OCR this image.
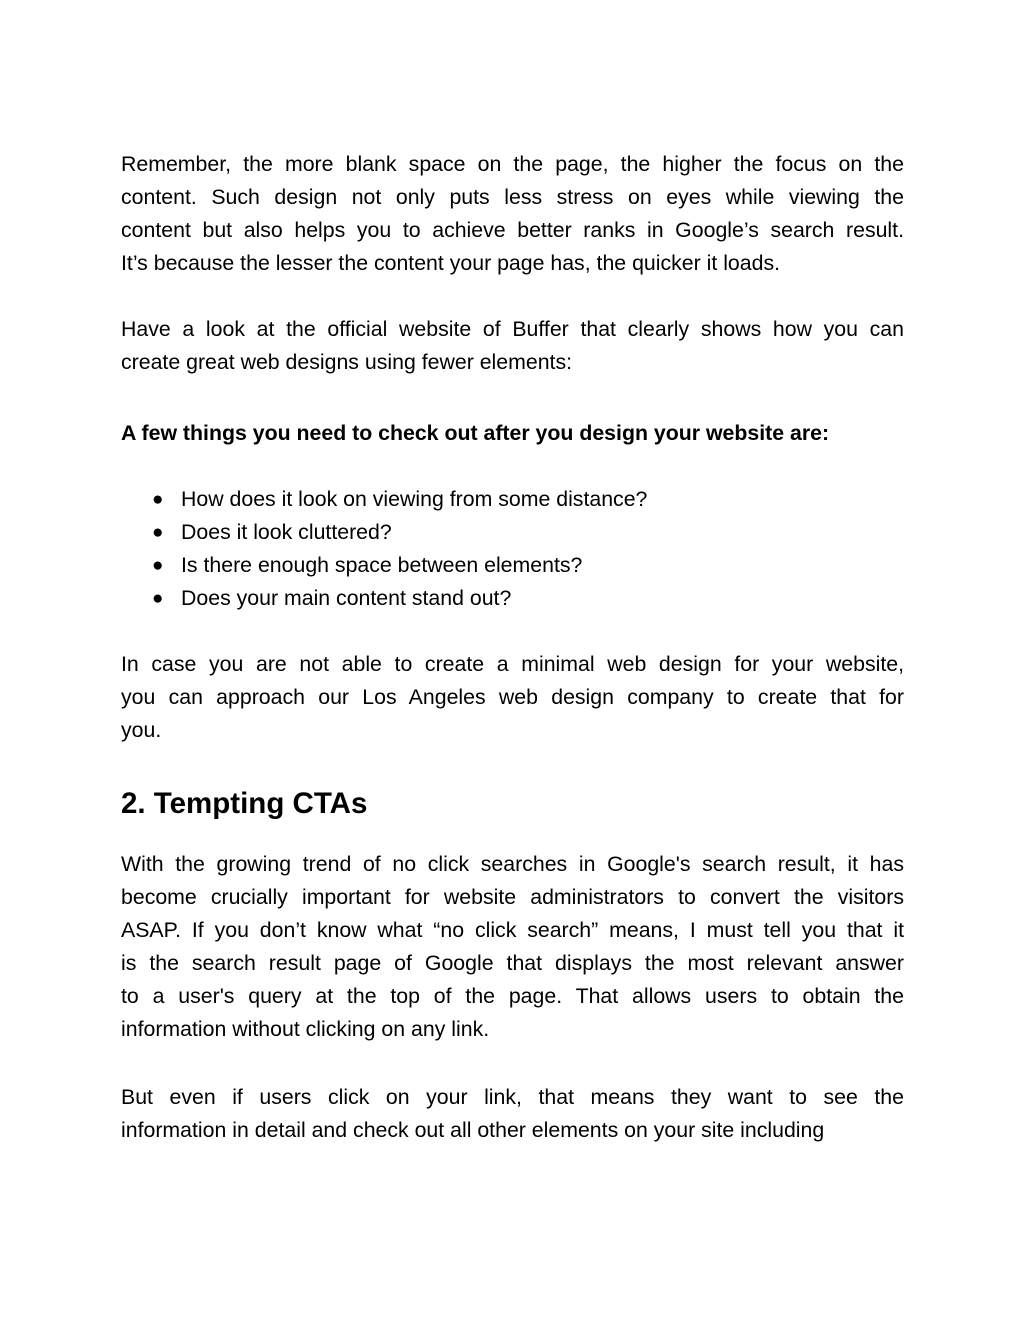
Remember, the more blank space on the page, the higher the focus on the
content. Such design not only puts less stress on eyes while viewing the
content but also helps you to achieve better ranks in Google’s search result.
It’s because the lesser the content your page has, the quicker it loads.

Have a look at the official website of Buffer that clearly shows how you can
create great web designs using fewer elements:

A few things you need to check out after you design your website are:

● How does it look on viewing from some distance?
● Does it look cluttered?
● Is there enough space between elements?
● Does your main content stand out?

In case you are not able to create a minimal web design for your website,
you can approach our Los Angeles web design company to create that for
you.

2. Tempting CTAs

With the growing trend of no click searches in Google's search result, it has
become crucially important for website administrators to convert the visitors
ASAP. If you don’t know what “no click search” means, I must tell you that it
is the search result page of Google that displays the most relevant answer
to a user's query at the top of the page. That allows users to obtain the
information without clicking on any link.

But even if users click on your link, that means they want to see the
information in detail and check out all other elements on your site including
